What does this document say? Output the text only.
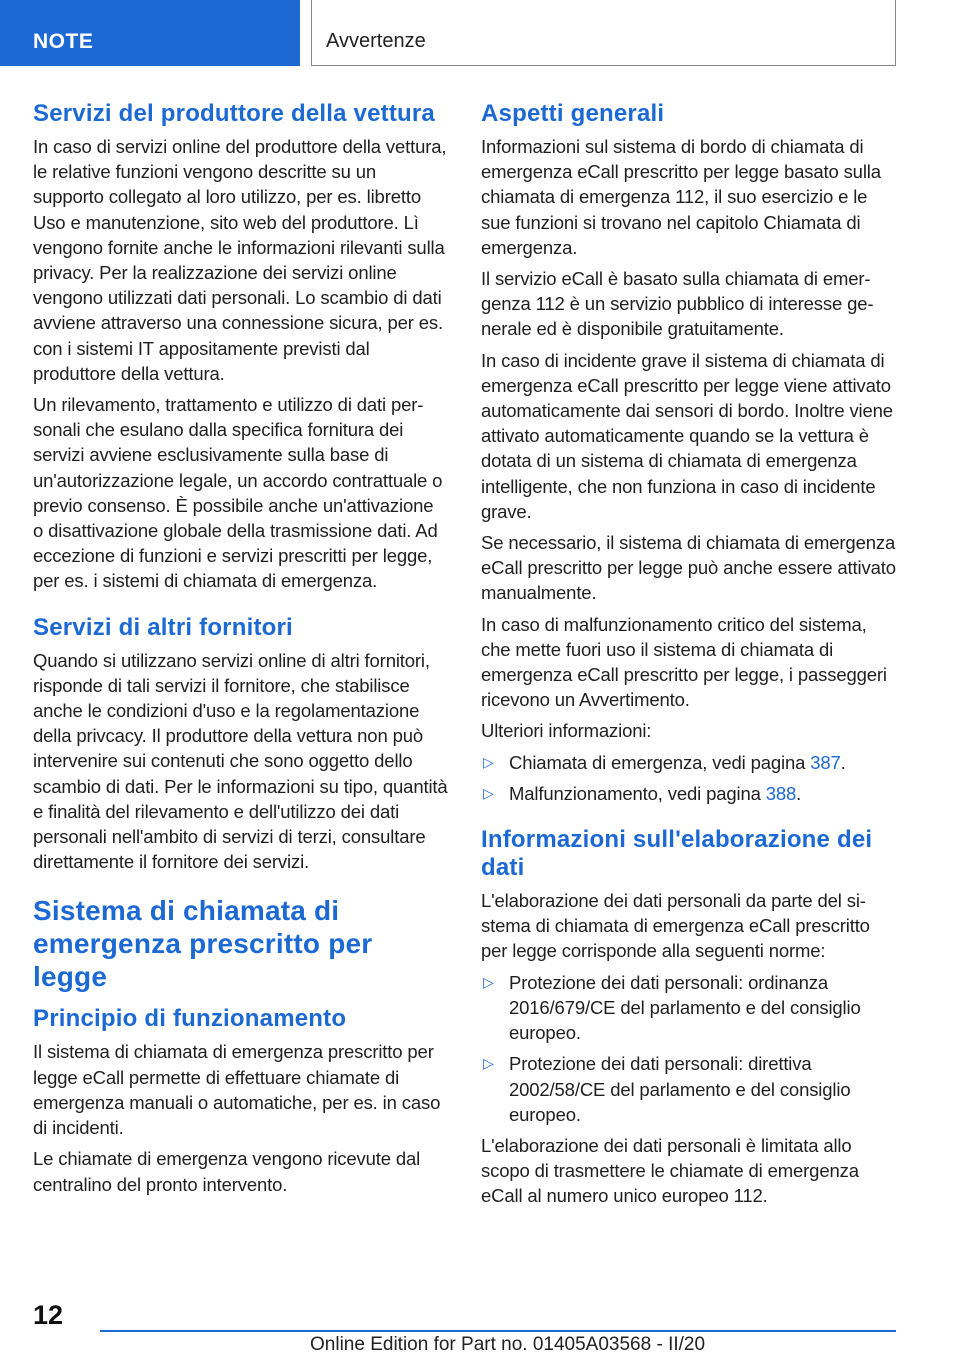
NOTE	Avvertenze
Servizi del produttore della vettura
In caso di servizi online del produttore della vettura, le relative funzioni vengono descritte su un supporto collegato al loro utilizzo, per es. libretto Uso e manutenzione, sito web del produttore. Lì vengono fornite anche le informazioni rilevanti sulla privacy. Per la realizzazione dei servizi online vengono utilizzati dati personali. Lo scambio di dati avviene attraverso una connessione sicura, per es. con i sistemi IT appositamente previsti dal produttore della vettura.
Un rilevamento, trattamento e utilizzo di dati personali che esulano dalla specifica fornitura dei servizi avviene esclusivamente sulla base di un'autorizzazione legale, un accordo contrattuale o previo consenso. È possibile anche un'attivazione o disattivazione globale della trasmissione dati. Ad eccezione di funzioni e servizi prescritti per legge, per es. i sistemi di chiamata di emergenza.
Servizi di altri fornitori
Quando si utilizzano servizi online di altri fornitori, risponde di tali servizi il fornitore, che stabilisce anche le condizioni d'uso e la regolamentazione della privcacy. Il produttore della vettura non può intervenire sui contenuti che sono oggetto dello scambio di dati. Per le informazioni su tipo, quantità e finalità del rilevamento e dell'utilizzo dei dati personali nell'ambito di servizi di terzi, consultare direttamente il fornitore dei servizi.
Sistema di chiamata di emergenza prescritto per legge
Principio di funzionamento
Il sistema di chiamata di emergenza prescritto per legge eCall permette di effettuare chiamate di emergenza manuali o automatiche, per es. in caso di incidenti.
Le chiamate di emergenza vengono ricevute dal centralino del pronto intervento.
Aspetti generali
Informazioni sul sistema di bordo di chiamata di emergenza eCall prescritto per legge basato sulla chiamata di emergenza 112, il suo esercizio e le sue funzioni si trovano nel capitolo Chiamata di emergenza.
Il servizio eCall è basato sulla chiamata di emergenza 112 è un servizio pubblico di interesse generale ed è disponibile gratuitamente.
In caso di incidente grave il sistema di chiamata di emergenza eCall prescritto per legge viene attivato automaticamente dai sensori di bordo. Inoltre viene attivato automaticamente quando se la vettura è dotata di un sistema di chiamata di emergenza intelligente, che non funziona in caso di incidente grave.
Se necessario, il sistema di chiamata di emergenza eCall prescritto per legge può anche essere attivato manualmente.
In caso di malfunzionamento critico del sistema, che mette fuori uso il sistema di chiamata di emergenza eCall prescritto per legge, i passeggeri ricevono un Avvertimento.
Ulteriori informazioni:
▷ Chiamata di emergenza, vedi pagina 387.
▷ Malfunzionamento, vedi pagina 388.
Informazioni sull'elaborazione dei dati
L'elaborazione dei dati personali da parte del sistema di chiamata di emergenza eCall prescritto per legge corrisponde alla seguenti norme:
▷ Protezione dei dati personali: ordinanza 2016/679/CE del parlamento e del consiglio europeo.
▷ Protezione dei dati personali: direttiva 2002/58/CE del parlamento e del consiglio europeo.
L'elaborazione dei dati personali è limitata allo scopo di trasmettere le chiamate di emergenza eCall al numero unico europeo 112.
12
Online Edition for Part no. 01405A03568 - II/20
